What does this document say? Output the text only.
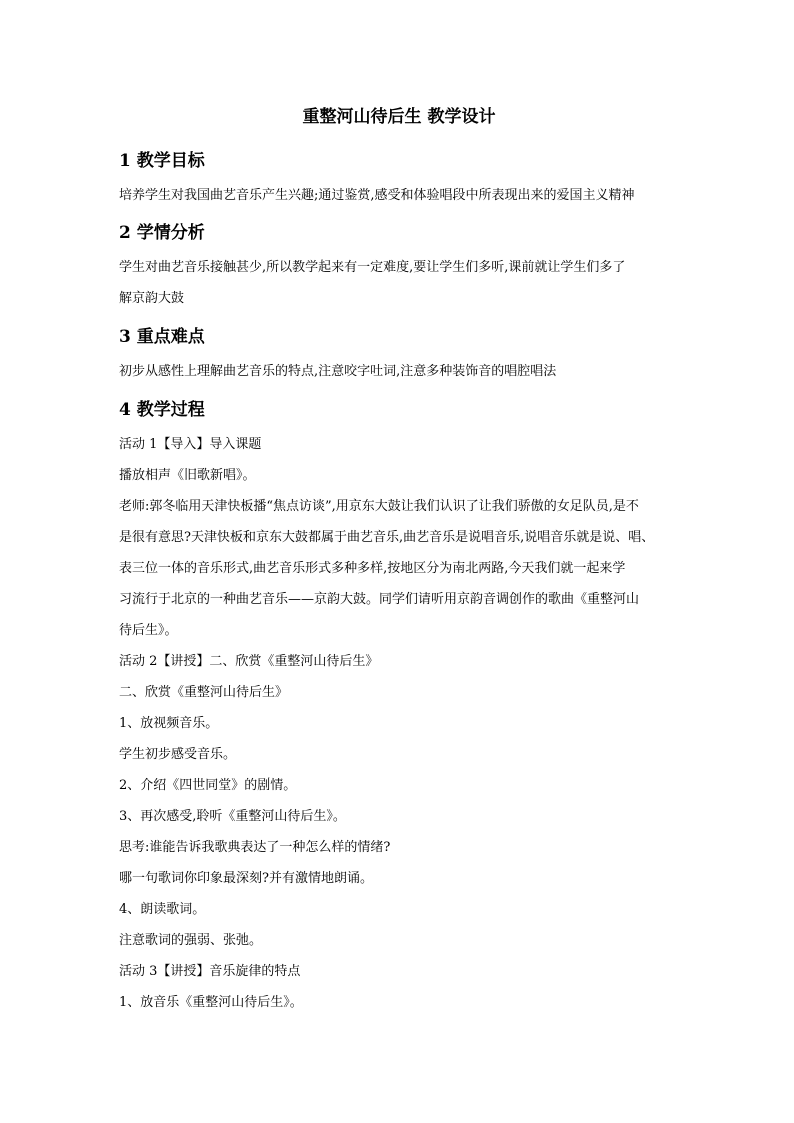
重整河山待后生 教学设计
1 教学目标
培养学生对我国曲艺音乐产生兴趣;通过鉴赏,感受和体验唱段中所表现出来的爱国主义精神
2 学情分析
学生对曲艺音乐接触甚少,所以教学起来有一定难度,要让学生们多听,课前就让学生们多了
解京韵大鼓
3 重点难点
初步从感性上理解曲艺音乐的特点,注意咬字吐词,注意多种装饰音的唱腔唱法
4 教学过程
活动 1【导入】导入课题
播放相声《旧歌新唱》。
老师:郭冬临用天津快板播“焦点访谈”,用京东大鼓让我们认识了让我们骄傲的女足队员,是不
是很有意思?天津快板和京东大鼓都属于曲艺音乐,曲艺音乐是说唱音乐,说唱音乐就是说、唱、
表三位一体的音乐形式,曲艺音乐形式多种多样,按地区分为南北两路,今天我们就一起来学
习流行于北京的一种曲艺音乐——京韵大鼓。同学们请听用京韵音调创作的歌曲《重整河山
待后生》。
活动 2【讲授】二、欣赏《重整河山待后生》
二、欣赏《重整河山待后生》
1、放视频音乐。
学生初步感受音乐。
2、介绍《四世同堂》的剧情。
3、再次感受,聆听《重整河山待后生》。
思考:谁能告诉我歌典表达了一种怎么样的情绪?
哪一句歌词你印象最深刻?并有激情地朗诵。
4、朗读歌词。
注意歌词的强弱、张弛。
活动 3【讲授】音乐旋律的特点
1、放音乐《重整河山待后生》。
